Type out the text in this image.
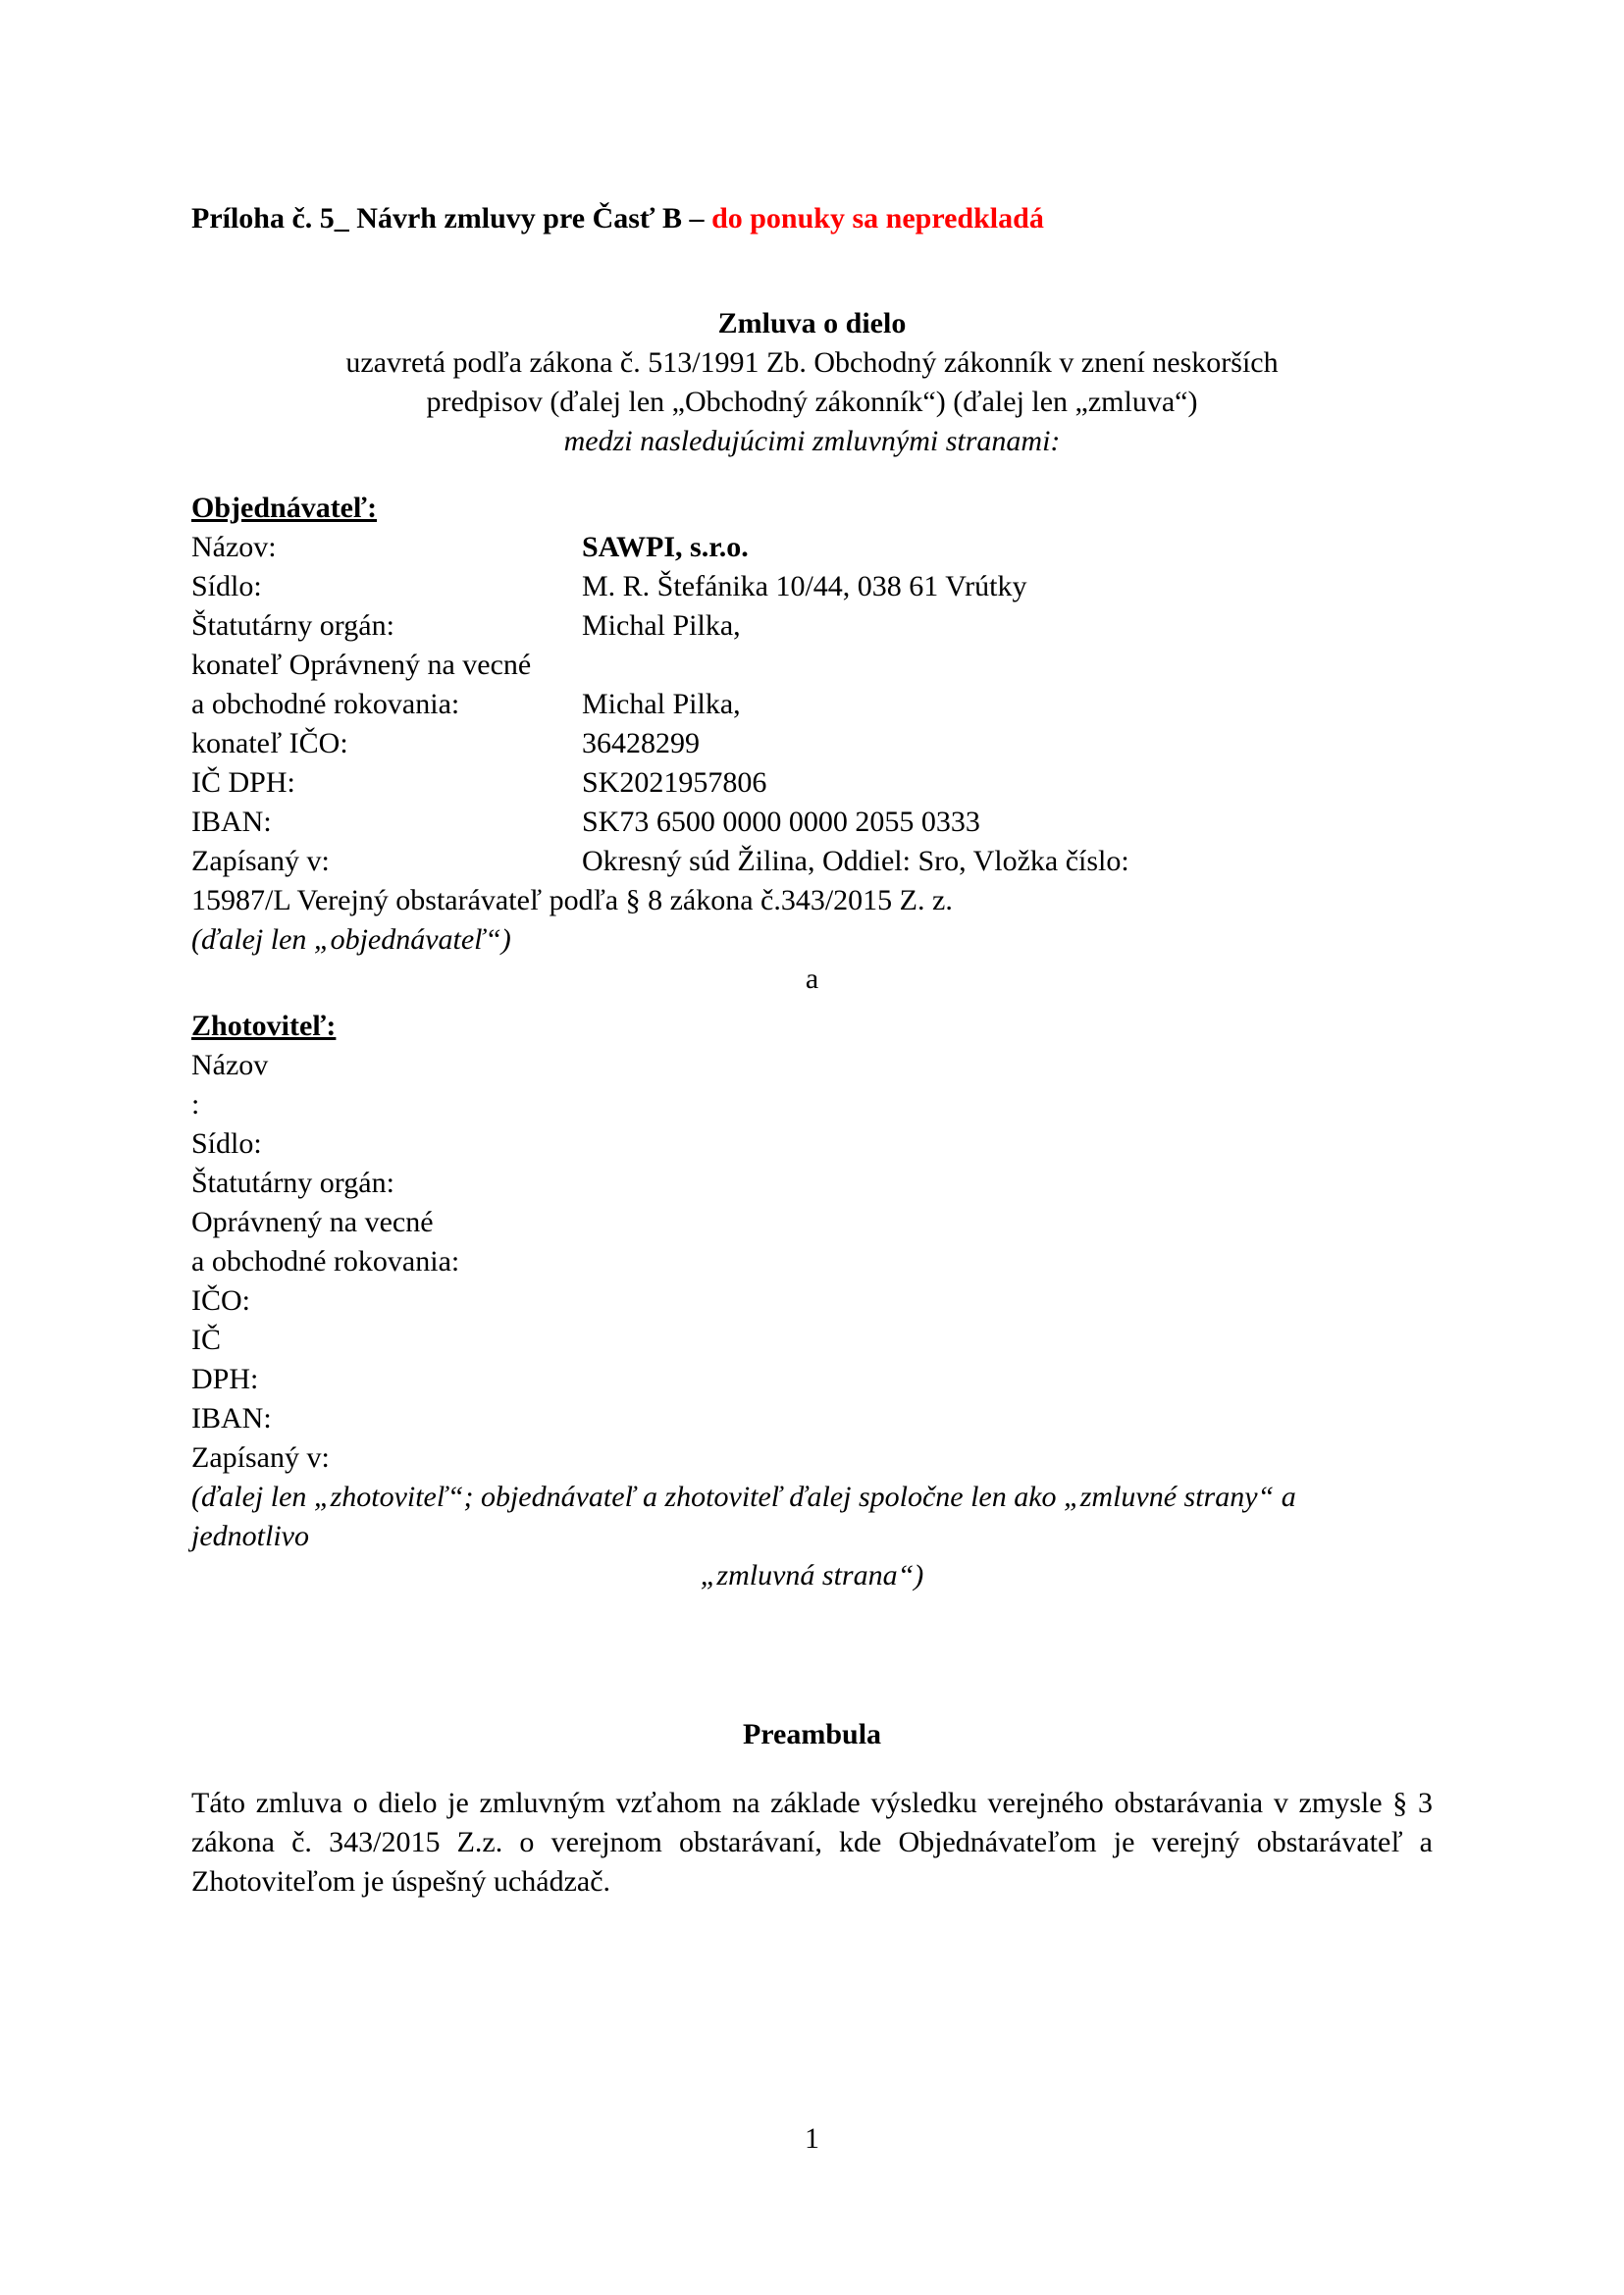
Príloha č. 5_ Návrh zmluvy pre Časť B – do ponuky sa nepredkladá
Zmluva o dielo
uzavretá podľa zákona č. 513/1991 Zb. Obchodný zákonník v znení neskorších
predpisov (ďalej len „Obchodný zákonník“) (ďalej len „zmluva“)
medzi nasledujúcimi zmluvnými stranami:
Objednávateľ:
Názov:	SAWPI, s.r.o.
Sídlo:	M. R. Štefánika 10/44, 038 61 Vrútky
Štatutárny orgán:	Michal Pilka,
konateľ Oprávnený na vecné
a obchodné rokovania:	Michal Pilka,
konateľ IČO:	36428299
IČ DPH:	SK2021957806
IBAN:	SK73 6500 0000 0000 2055 0333
Zapísaný v:	Okresný súd Žilina, Oddiel: Sro, Vložka číslo:
15987/L Verejný obstarávateľ podľa § 8 zákona č.343/2015 Z. z.
(ďalej len „objednávateľ“)
a
Zhotoviteľ:
Názov
:
Sídlo:
Štatutárny orgán:
Oprávnený na vecné
a obchodné rokovania:
IČO:
IČ
DPH:
IBAN:
Zapísaný v:
(ďalej len „zhotoviteľ“; objednávateľ a zhotoviteľ ďalej spoločne len ako „zmluvné strany“ a
jednotlivo
„zmluvná strana“)
Preambula
Táto zmluva o dielo je zmluvným vzťahom na základe výsledku verejného obstarávania v zmysle § 3
zákona č. 343/2015 Z.z. o verejnom obstarávaní, kde Objednávateľom je verejný obstarávateľ a
Zhotoviteľom je úspešný uchádzač.
1
